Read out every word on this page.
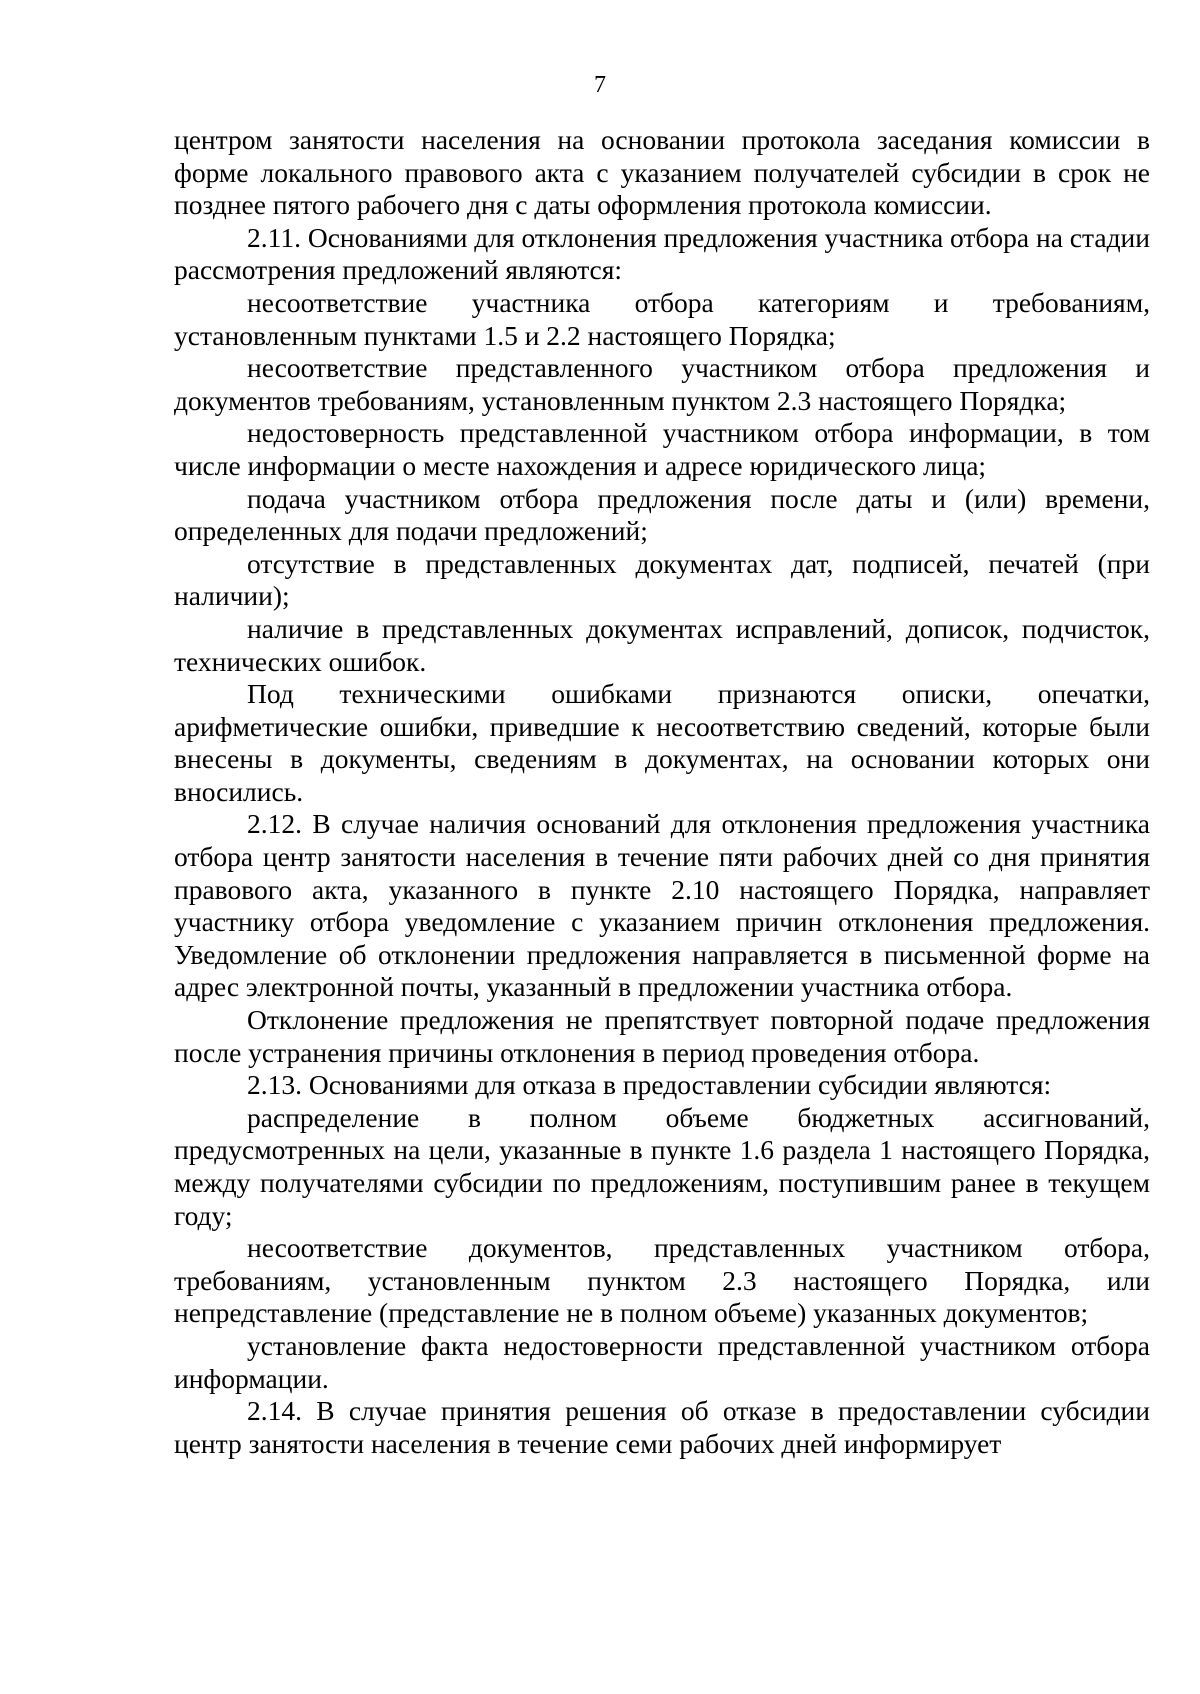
7

центром занятости населения на основании протокола заседания комиссии в форме локального правового акта с указанием получателей субсидии в срок не позднее пятого рабочего дня с даты оформления протокола комиссии.

2.11. Основаниями для отклонения предложения участника отбора на стадии рассмотрения предложений являются:

несоответствие участника отбора категориям и требованиям, установленным пунктами 1.5 и 2.2 настоящего Порядка;

несоответствие представленного участником отбора предложения и документов требованиям, установленным пунктом 2.3 настоящего Порядка;

недостоверность представленной участником отбора информации, в том числе информации о месте нахождения и адресе юридического лица;

подача участником отбора предложения после даты и (или) времени, определенных для подачи предложений;

отсутствие в представленных документах дат, подписей, печатей (при наличии);

наличие в представленных документах исправлений, дописок, подчисток, технических ошибок.

Под техническими ошибками признаются описки, опечатки, арифметические ошибки, приведшие к несоответствию сведений, которые были внесены в документы, сведениям в документах, на основании которых они вносились.

2.12. В случае наличия оснований для отклонения предложения участника отбора центр занятости населения в течение пяти рабочих дней со дня принятия правового акта, указанного в пункте 2.10 настоящего Порядка, направляет участнику отбора уведомление с указанием причин отклонения предложения. Уведомление об отклонении предложения направляется в письменной форме на адрес электронной почты, указанный в предложении участника отбора.

Отклонение предложения не препятствует повторной подаче предложения после устранения причины отклонения в период проведения отбора.

2.13. Основаниями для отказа в предоставлении субсидии являются:

распределение в полном объеме бюджетных ассигнований, предусмотренных на цели, указанные в пункте 1.6 раздела 1 настоящего Порядка, между получателями субсидии по предложениям, поступившим ранее в текущем году;

несоответствие документов, представленных участником отбора, требованиям, установленным пунктом 2.3 настоящего Порядка, или непредставление (представление не в полном объеме) указанных документов;

установление факта недостоверности представленной участником отбора информации.

2.14. В случае принятия решения об отказе в предоставлении субсидии центр занятости населения в течение семи рабочих дней информирует
